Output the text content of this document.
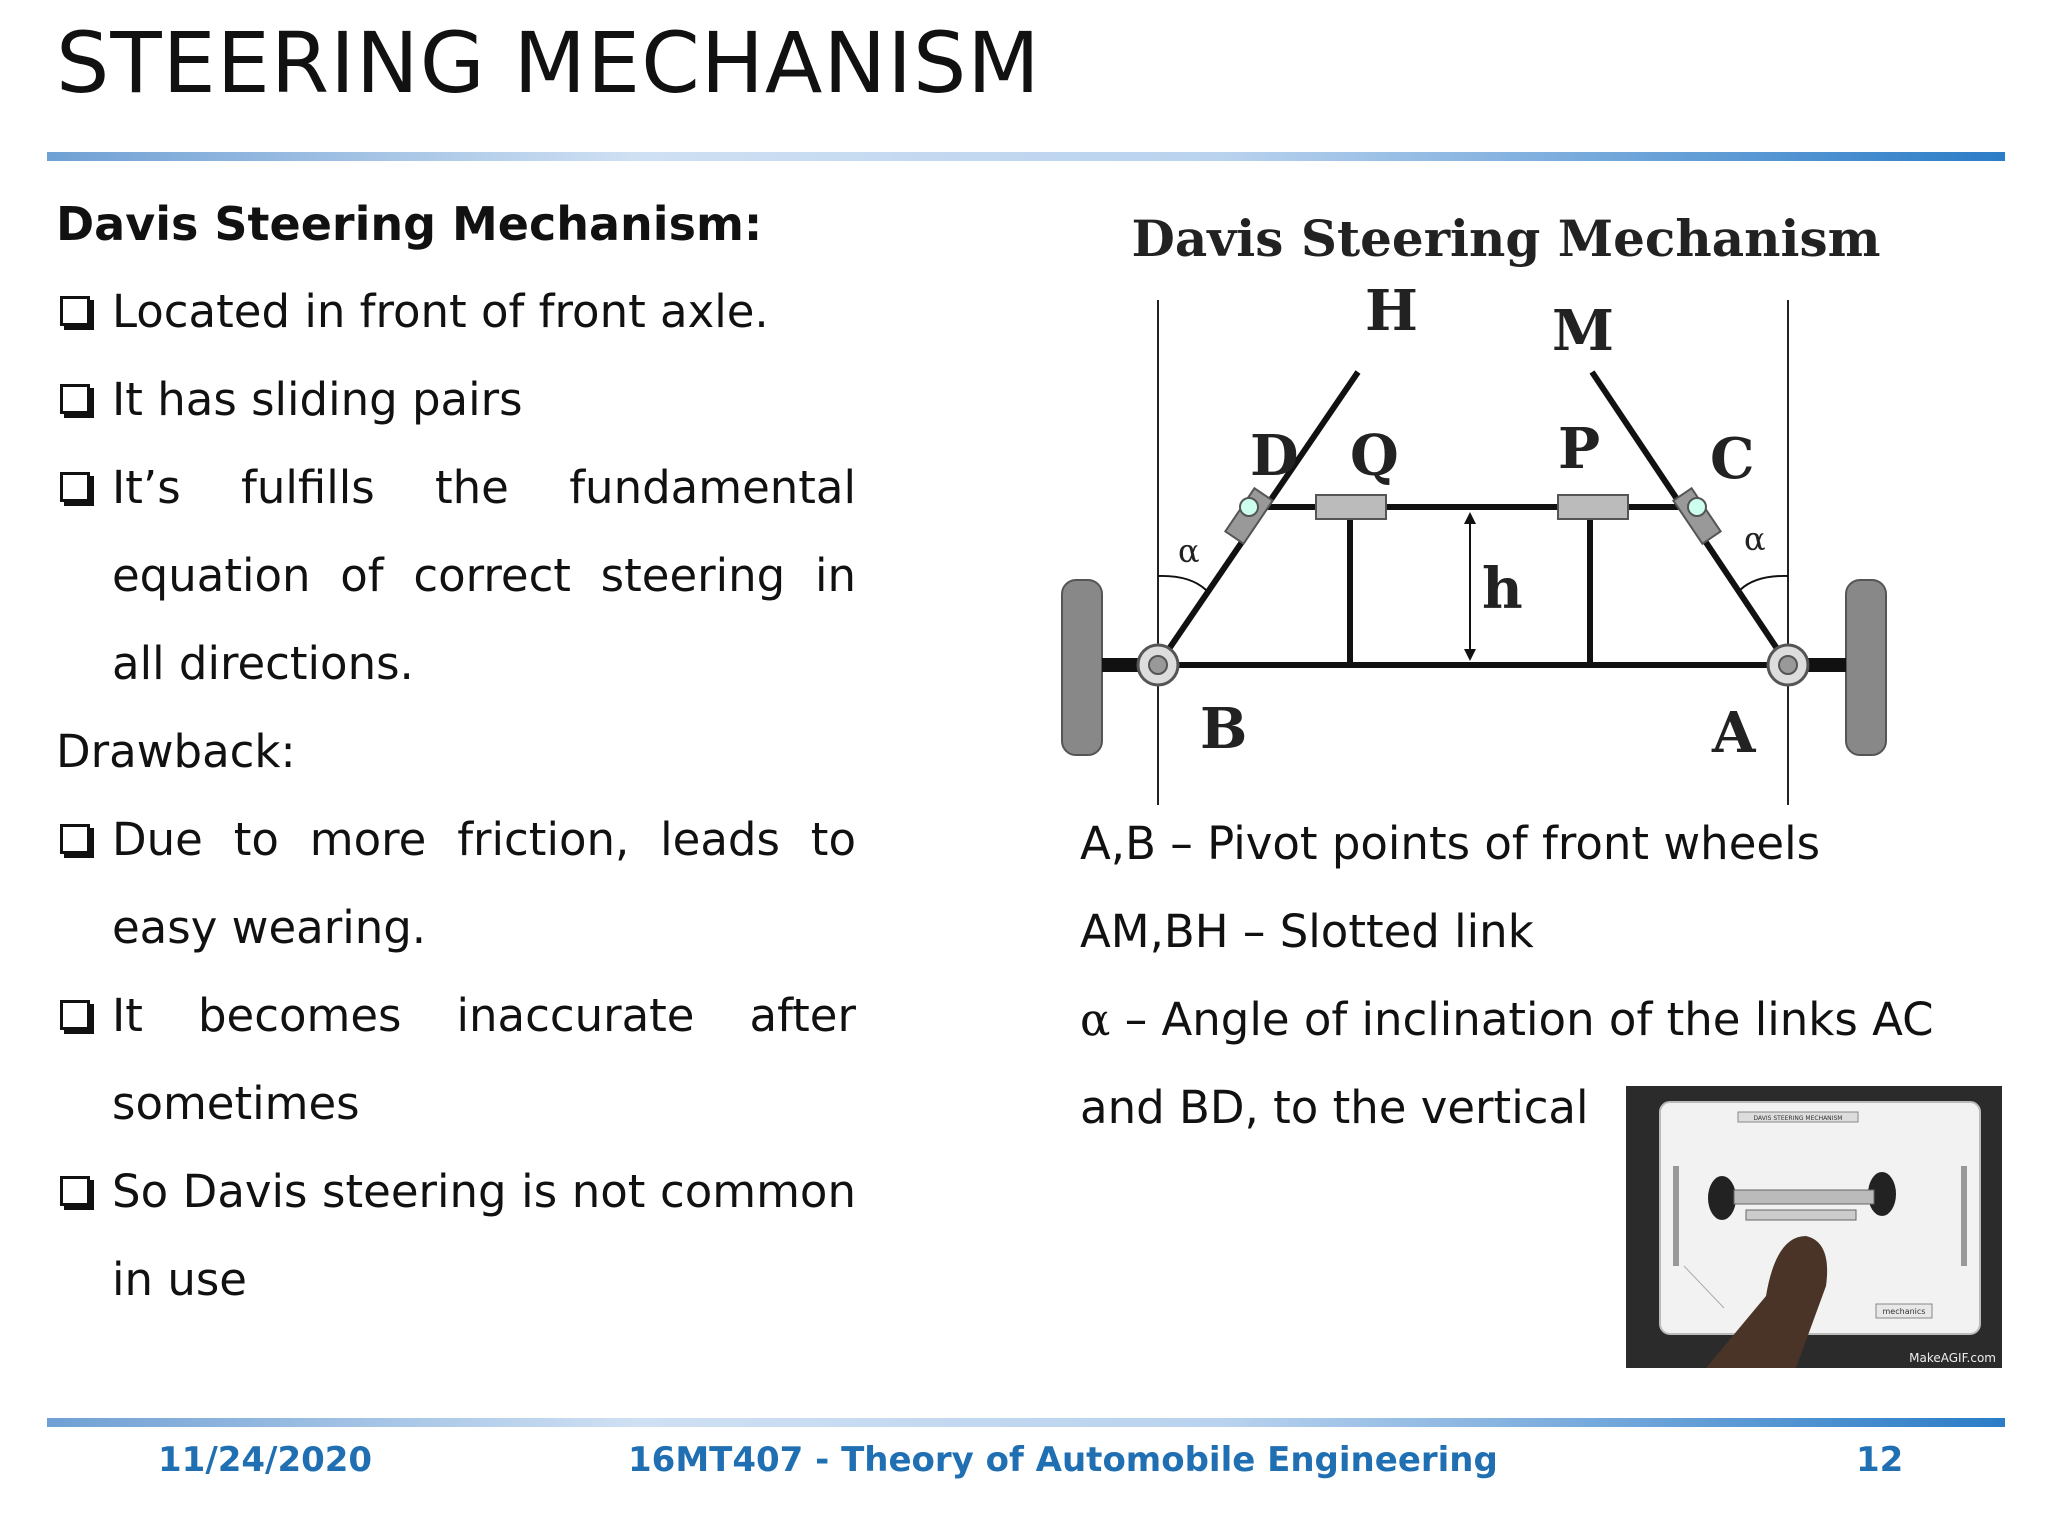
STEERING MECHANISM
Davis Steering Mechanism:
Located in front of front axle.
It has sliding pairs
It’s fulfills the fundamental equation of correct steering in all directions.
Drawback:
Due to more friction, leads to easy wearing.
It becomes inaccurate after sometimes
So Davis steering is not common in use
Davis Steering Mechanism
H M
D Q	P C
B	A
h
α	α
A,B – Pivot points of front wheels
AM,BH – Slotted link
α – Angle of inclination of the links AC
and BD, to the vertical	DAVIS STEERING MECHANISM
mechanics
MakeAGIF.com
11/24/2020	16MT407 - Theory of Automobile Engineering	12
